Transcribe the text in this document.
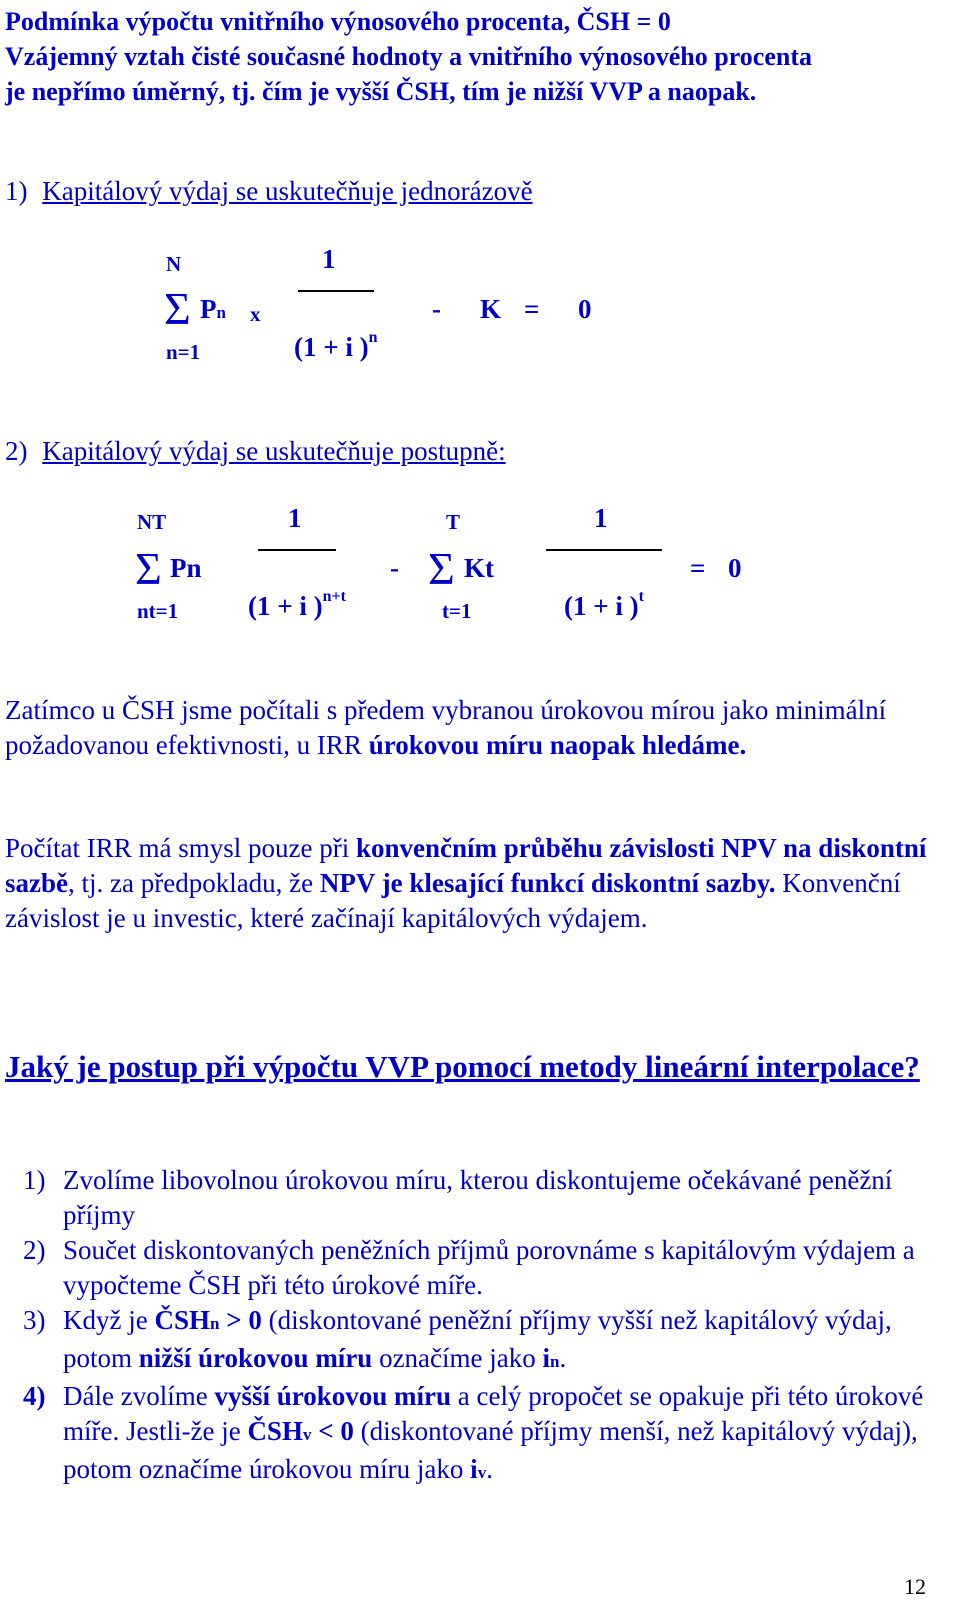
Podmínka výpočtu vnitřního výnosového procenta, ČSH = 0
Vzájemný vztah čisté současné hodnoty a vnitřního výnosového procenta
je nepřímo úměrný, tj. čím je vyšší ČSH, tím je nižší VVP a naopak.
1) Kapitálový výdaj se uskutečňuje jednorázově
N	1
Σ Pn x	- K = 0
n=1	(1 + i )$^n$
2) Kapitálový výdaj se uskutečňuje postupně:
NT	1	T	1
Σ Pn	- Σ Kt	= 0
nt=1	(1 + i )$^{n+t}$
t=1	(1 + i )$^t$
Zatímco u ČSH jsme počítali s předem vybranou úrokovou mírou jako minimální požadovanou efektivnosti, u IRR úrokovou míru naopak hledáme.
Počítat IRR má smysl pouze při konvenčním průběhu závislosti NPV na diskontní sazbě, tj. za předpokladu, že NPV je klesající funkcí diskontní sazby. Konvenční závislost je u investic, které začínají kapitálových výdajem.
Jaký je postup při výpočtu VVP pomocí metody lineární interpolace?
1) Zvolíme libovolnou úrokovou míru, kterou diskontujeme očekávané peněžní příjmy
2) Součet diskontovaných peněžních příjmů porovnáme s kapitálovým výdajem a vypočteme ČSH při této úrokové míře.
3) Když je ČSHn > 0 (diskontované peněžní příjmy vyšší než kapitálový výdaj, potom nižší úrokovou míru označíme jako in.
4) Dále zvolíme vyšší úrokovou míru a celý propočet se opakuje při této úrokové míře. Jestli-že je ČSHv < 0 (diskontované příjmy menší, než kapitálový výdaj), potom označíme úrokovou míru jako iv.
12
